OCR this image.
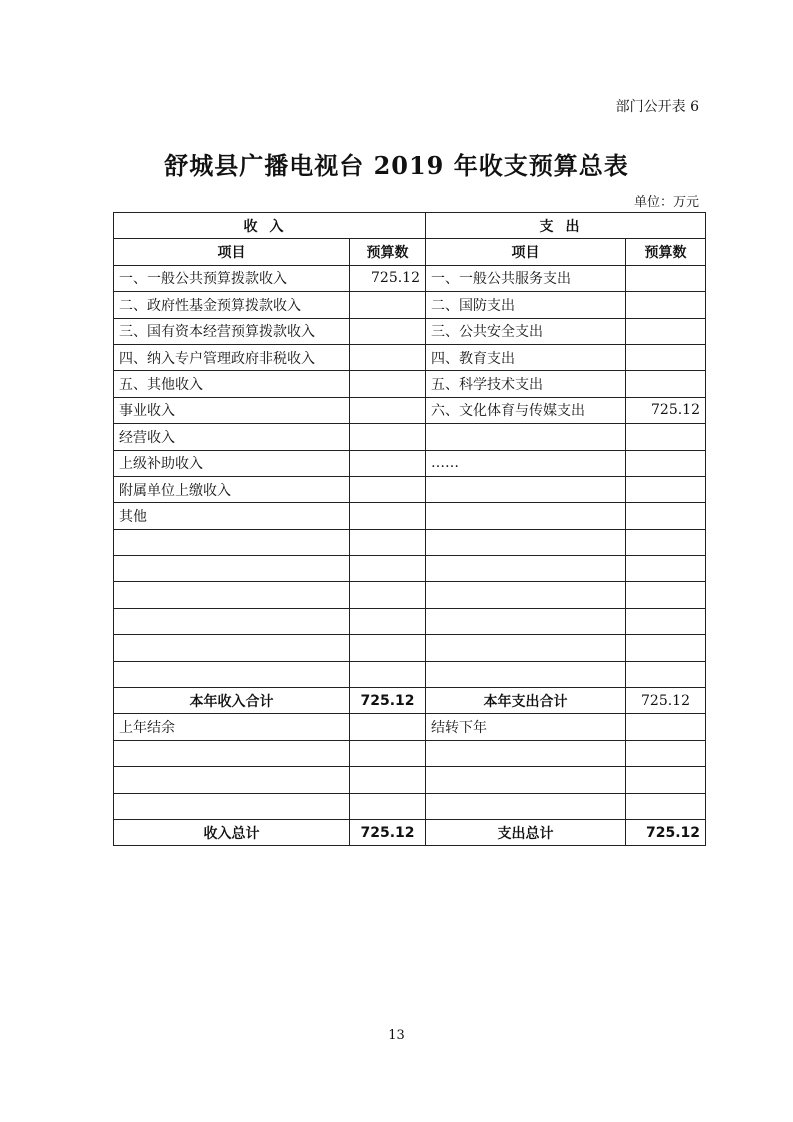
部门公开表 6
舒城县广播电视台 2019 年收支预算总表
单位：万元
收入		支出	
项目	预算数	项目	预算数
一、一般公共预算拨款收入	725.12	一、一般公共服务支出	
二、政府性基金预算拨款收入		二、国防支出	
三、国有资本经营预算拨款收入		三、公共安全支出	
四、纳入专户管理政府非税收入		四、教育支出	
五、其他收入		五、科学技术支出	
事业收入		六、文化体育与传媒支出	725.12
经营收入			
上级补助收入		……	
附属单位上缴收入			
其他			

本年收入合计	725.12	本年支出合计	725.12
上年结余		结转下年	

收入总计	725.12	支出总计	725.12
13
